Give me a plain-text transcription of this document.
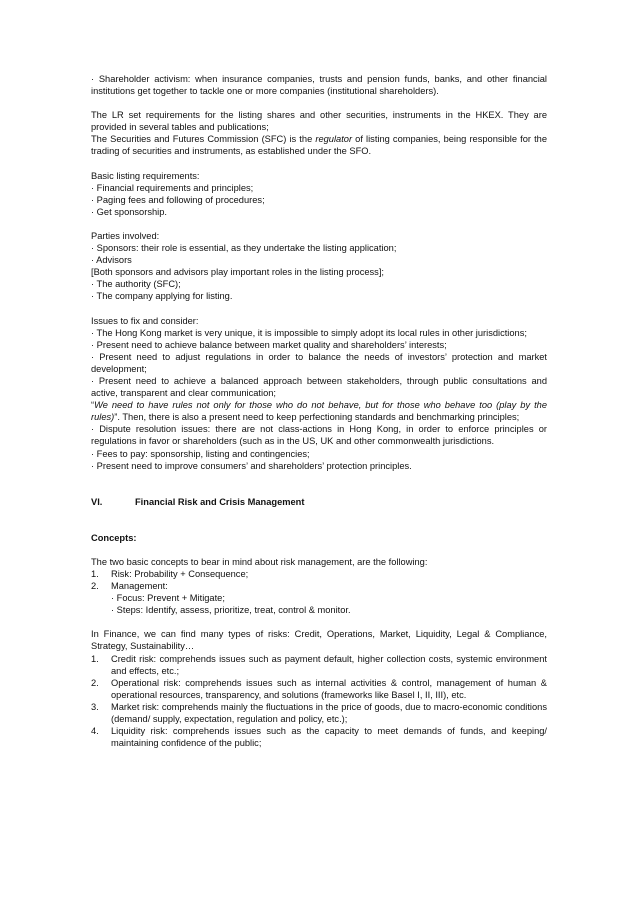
· Shareholder activism: when insurance companies, trusts and pension funds, banks, and other financial institutions get together to tackle one or more companies (institutional shareholders).

The LR set requirements for the listing shares and other securities, instruments in the HKEX. They are provided in several tables and publications;

The Securities and Futures Commission (SFC) is the regulator of listing companies, being responsible for the trading of securities and instruments, as established under the SFO.

Basic listing requirements:

· Financial requirements and principles;

· Paging fees and following of procedures;

· Get sponsorship.

Parties involved:

· Sponsors: their role is essential, as they undertake the listing application;

· Advisors

[Both sponsors and advisors play important roles in the listing process];

· The authority (SFC);

· The company applying for listing.

Issues to fix and consider:

· The Hong Kong market is very unique, it is impossible to simply adopt its local rules in other jurisdictions;

· Present need to achieve balance between market quality and shareholders’ interests;

· Present need to adjust regulations in order to balance the needs of investors’ protection and market development;

· Present need to achieve a balanced approach between stakeholders, through public consultations and active, transparent and clear communication;

“We need to have rules not only for those who do not behave, but for those who behave too (play by the rules)”. Then, there is also a present need to keep perfectioning standards and benchmarking principles;

· Dispute resolution issues: there are not class-actions in Hong Kong, in order to enforce principles or regulations in favor or shareholders (such as in the US, UK and other commonwealth jurisdictions.

· Fees to pay: sponsorship, listing and contingencies;

· Present need to improve consumers’ and shareholders’ protection principles.

VI.	Financial Risk and Crisis Management

Concepts:

The two basic concepts to bear in mind about risk management, are the following:

1.	Risk: Probability + Consequence;
2.	Management:

· Focus: Prevent + Mitigate;

· Steps: Identify, assess, prioritize, treat, control & monitor.

In Finance, we can find many types of risks: Credit, Operations, Market, Liquidity, Legal & Compliance, Strategy, Sustainability…

1.	Credit risk: comprehends issues such as payment default, higher collection costs, systemic environment and effects, etc.;
2.	Operational risk: comprehends issues such as internal activities & control, management of human & operational resources, transparency, and solutions (frameworks like Basel I, II, III), etc.
3.	Market risk: comprehends mainly the fluctuations in the price of goods, due to macro-economic conditions (demand/ supply, expectation, regulation and policy, etc.);
4.	Liquidity risk: comprehends issues such as the capacity to meet demands of funds, and keeping/ maintaining confidence of the public;
